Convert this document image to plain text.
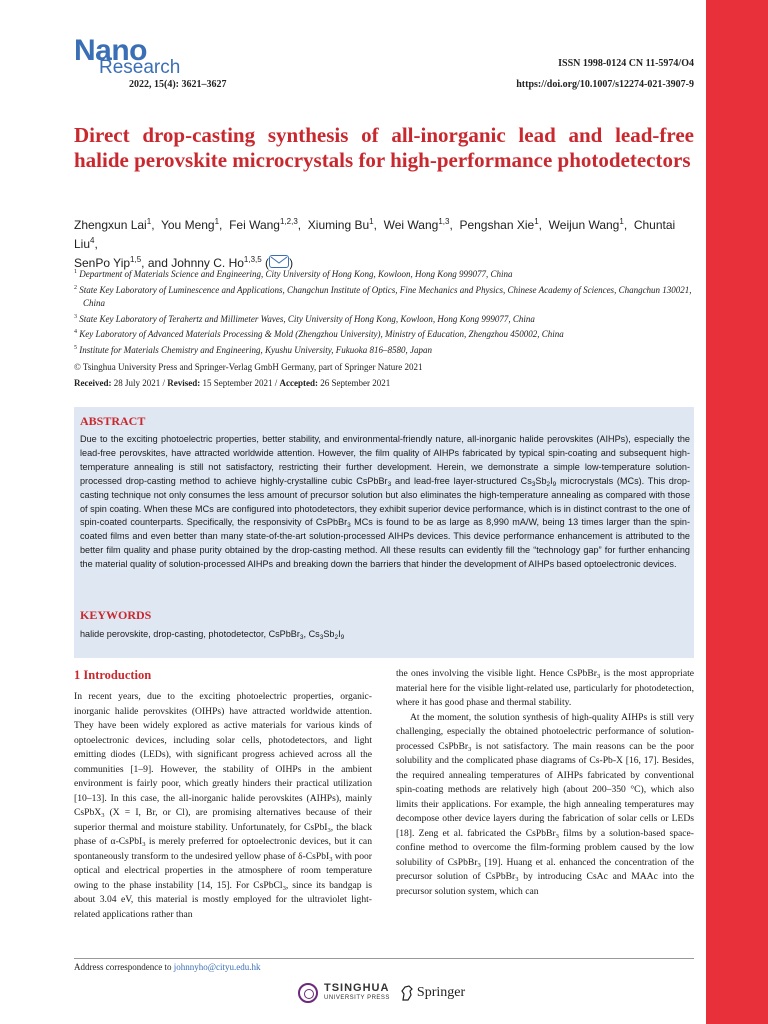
Nano
Research
2022, 15(4): 3621–3627
ISSN 1998-0124 CN 11-5974/O4
https://doi.org/10.1007/s12274-021-3907-9
Direct drop-casting synthesis of all-inorganic lead and lead-free halide perovskite microcrystals for high-performance photodetectors
Zhengxun Lai$^1$,  You Meng$^1$,  Fei Wang$^{1,2,3}$,  Xiuming Bu$^1$,  Wei Wang$^{1,3}$,  Pengshan Xie$^1$,  Weijun Wang$^1$,  Chuntai Liu$^4$,
SenPo Yip$^{1,5}$, and Johnny C. Ho$^{1,3,5}$ ( )
$^1$ Department of Materials Science and Engineering, City University of Hong Kong, Kowloon, Hong Kong 999077, China
$^2$ State Key Laboratory of Luminescence and Applications, Changchun Institute of Optics, Fine Mechanics and Physics, Chinese Academy of Sciences, Changchun 130021, China
$^3$ State Key Laboratory of Terahertz and Millimeter Waves, City University of Hong Kong, Kowloon, Hong Kong 999077, China
$^4$ Key Laboratory of Advanced Materials Processing & Mold (Zhengzhou University), Ministry of Education, Zhengzhou 450002, China
$^5$ Institute for Materials Chemistry and Engineering, Kyushu University, Fukuoka 816–8580, Japan
© Tsinghua University Press and Springer-Verlag GmbH Germany, part of Springer Nature 2021
Received: 28 July 2021 / Revised: 15 September 2021 / Accepted: 26 September 2021
ABSTRACT
Due to the exciting photoelectric properties, better stability, and environmental-friendly nature, all-inorganic halide perovskites (AIHPs), especially the lead-free perovskites, have attracted worldwide attention. However, the film quality of AIHPs fabricated by typical spin-coating and subsequent high-temperature annealing is still not satisfactory, restricting their further development. Herein, we demonstrate a simple low-temperature solution-processed drop-casting method to achieve highly-crystalline cubic CsPbBr$_3$ and lead-free layer-structured $Cs_3Sb_2I_9$ microcrystals (MCs). This drop-casting technique not only consumes the less amount of precursor solution but also eliminates the high-temperature annealing as compared with those of spin coating. When these MCs are configured into photodetectors, they exhibit superior device performance, which is in distinct contrast to the one of spin-coated counterparts. Specifically, the responsivity of CsPbBr$_3$ MCs is found to be as large as 8,990 mA/W, being 13 times larger than the spin-coated films and even better than many state-of-the-art solution-processed AIHPs devices. This device performance enhancement is attributed to the better film quality and phase purity obtained by the drop-casting method. All these results can evidently fill the “technology gap” for further enhancing the material quality of solution-processed AIHPs and breaking down the barriers that hinder the development of AIHPs based optoelectronic devices.
KEYWORDS
halide perovskite, drop-casting, photodetector, CsPbBr$_3$, $Cs_3Sb_2I_9$
1 Introduction

In recent years, due to the exciting photoelectric properties, organic-inorganic halide perovskites (OIHPs) have attracted worldwide attention. They have been widely explored as active materials for various kinds of optoelectronic devices, including solar cells, photodetectors, and light emitting diodes (LEDs), with significant progress achieved across all the communities [1–9]. However, the stability of OIHPs in the ambient environment is fairly poor, which greatly hinders their practical utilization [10–13]. In this case, the all-inorganic halide perovskites (AIHPs), mainly CsPbX$_3$ (X = I, Br, or Cl), are promising alternatives because of their superior thermal and moisture stability. Unfortunately, for CsPbI$_3$, the black phase of α-CsPbI$_3$ is merely preferred for optoelectronic devices, but it can spontaneously transform to the undesired yellow phase of δ-CsPbI$_3$ with poor optical and electrical properties in the atmosphere of room temperature owing to the phase instability [14, 15]. For CsPbCl$_3$, since its bandgap is about 3.04 eV, this material is mostly employed for the ultraviolet light-related applications rather than

the ones involving the visible light. Hence CsPbBr$_3$ is the most appropriate material here for the visible light-related use, particularly for photodetection, where it has good phase and thermal stability.

At the moment, the solution synthesis of high-quality AIHPs is still very challenging, especially the obtained photoelectric performance of solution-processed CsPbBr$_3$ is not satisfactory. The main reasons can be the poor solubility and the complicated phase diagrams of Cs-Pb-X [16, 17]. Besides, the required annealing temperatures of AIHPs fabricated by conventional spin-coating methods are relatively high (about 200–350 °C), which also limits their applications. For example, the high annealing temperatures may decompose other device layers during the fabrication of solar cells or LEDs [18]. Zeng et al. fabricated the CsPbBr$_3$ films by a solution-based space-confine method to overcome the film-forming problem caused by the low solubility of CsPbBr$_3$ [19]. Huang et al. enhanced the concentration of the precursor solution of CsPbBr$_3$ by introducing CsAc and MAAc into the precursor solution system, which can

Address correspondence to johnnyho@cityu.edu.hk
TSINGHUA
UNIVERSITY PRESS Springer
